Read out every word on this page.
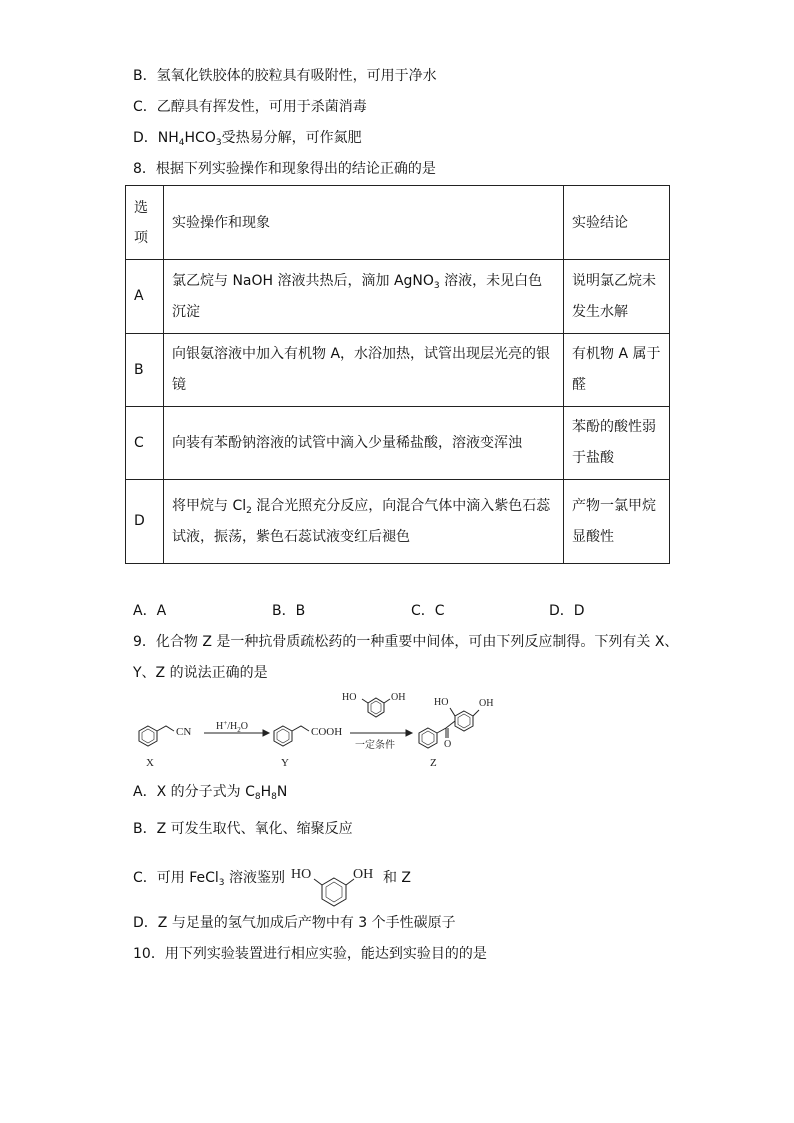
B．氢氧化铁胶体的胶粒具有吸附性，可用于净水
C．乙醇具有挥发性，可用于杀菌消毒
D．$NH_4HCO_3$受热易分解，可作氮肥
8．根据下列实验操作和现象得出的结论正确的是
选
项	实验操作和现象	实验结论
A	氯乙烷与 NaOH 溶液共热后，滴加 AgNO$_3$ 溶液，未见白色沉淀	说明氯乙烷未发生水解
B	向银氨溶液中加入有机物 A，水浴加热，试管出现层光亮的银镜	有机物 A 属于醛
C	向装有苯酚钠溶液的试管中滴入少量稀盐酸，溶液变浑浊	苯酚的酸性弱于盐酸
D	将甲烷与 $Cl_2$ 混合光照充分反应，向混合气体中滴入紫色石蕊试液，振荡，紫色石蕊试液变红后褪色	产物一氯甲烷显酸性
A．A	B．B	C．C	D．D
9．化合物 Z 是一种抗骨质疏松药的一种重要中间体，可由下列反应制得。下列有关 X、
Y、Z 的说法正确的是
CN
X
$H^+/H_2O$	COOH
Y
HO	OH
一定条件	O
HO	OH
Z
A．X 的分子式为 $C_8H_8N$
B．Z 可发生取代、氧化、缩聚反应
C．可用 FeCl$_3$ 溶液鉴别 HO	OH 和 Z
D．Z 与足量的氢气加成后产物中有 3 个手性碳原子
10．用下列实验装置进行相应实验，能达到实验目的的是
